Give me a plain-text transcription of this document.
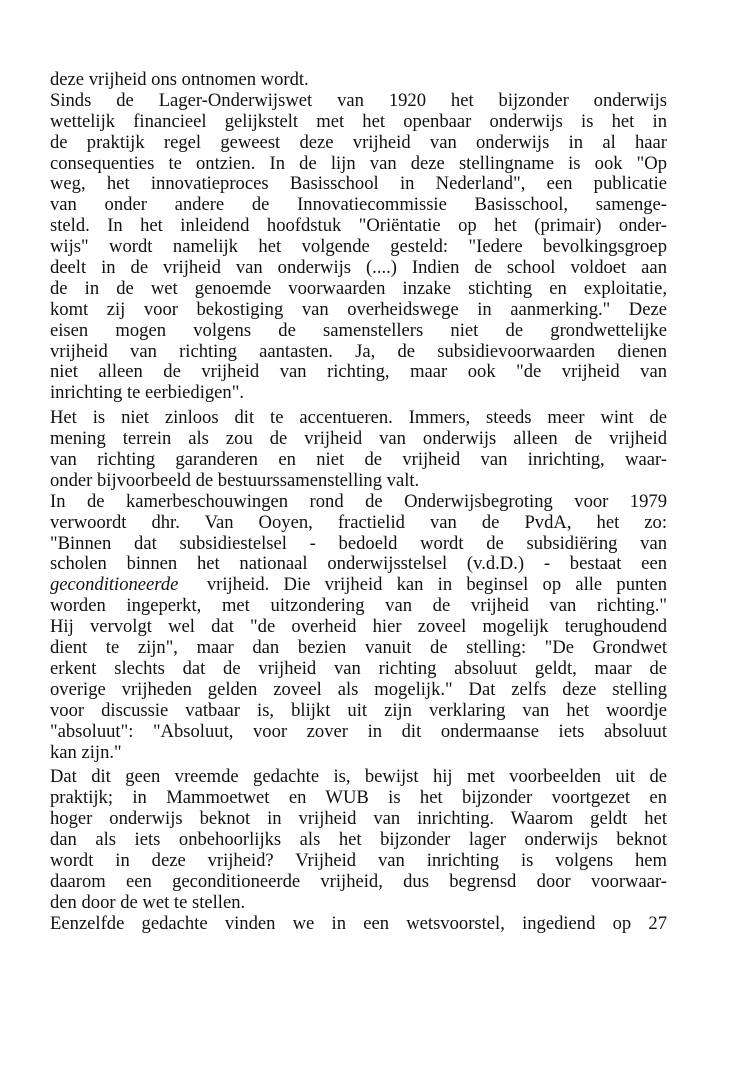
deze vrijheid ons ontnomen wordt.
Sinds de Lager-Onderwijswet van 1920 het bijzonder onderwijs
wettelijk financieel gelijkstelt met het openbaar onderwijs is het in
de praktijk regel geweest deze vrijheid van onderwijs in al haar
consequenties te ontzien. In de lijn van deze stellingname is ook "Op
weg, het innovatieproces Basisschool in Nederland", een publicatie
van onder andere de Innovatiecommissie Basisschool, samenge-
steld. In het inleidend hoofdstuk "Oriëntatie op het (primair) onder-
wijs" wordt namelijk het volgende gesteld: "Iedere bevolkingsgroep
deelt in de vrijheid van onderwijs (....) Indien de school voldoet aan
de in de wet genoemde voorwaarden inzake stichting en exploitatie,
komt zij voor bekostiging van overheidswege in aanmerking." Deze
eisen mogen volgens de samenstellers niet de grondwettelijke
vrijheid van richting aantasten. Ja, de subsidievoorwaarden dienen
niet alleen de vrijheid van richting, maar ook "de vrijheid van
inrichting te eerbiedigen".
Het is niet zinloos dit te accentueren. Immers, steeds meer wint de
mening terrein als zou de vrijheid van onderwijs alleen de vrijheid
van richting garanderen en niet de vrijheid van inrichting, waar-
onder bijvoorbeeld de bestuurssamenstelling valt.
In de kamerbeschouwingen rond de Onderwijsbegroting voor 1979
verwoordt dhr. Van Ooyen, fractielid van de PvdA, het zo:
"Binnen dat subsidiestelsel - bedoeld wordt de subsidiëring van
scholen binnen het nationaal onderwijsstelsel (v.d.D.) - bestaat een
geconditioneerde vrijheid. Die vrijheid kan in beginsel op alle punten
worden ingeperkt, met uitzondering van de vrijheid van richting."
Hij vervolgt wel dat "de overheid hier zoveel mogelijk terughoudend
dient te zijn", maar dan bezien vanuit de stelling: "De Grondwet
erkent slechts dat de vrijheid van richting absoluut geldt, maar de
overige vrijheden gelden zoveel als mogelijk." Dat zelfs deze stelling
voor discussie vatbaar is, blijkt uit zijn verklaring van het woordje
"absoluut": "Absoluut, voor zover in dit ondermaanse iets absoluut
kan zijn."
Dat dit geen vreemde gedachte is, bewijst hij met voorbeelden uit de
praktijk; in Mammoetwet en WUB is het bijzonder voortgezet en
hoger onderwijs beknot in vrijheid van inrichting. Waarom geldt het
dan als iets onbehoorlijks als het bijzonder lager onderwijs beknot
wordt in deze vrijheid? Vrijheid van inrichting is volgens hem
daarom een geconditioneerde vrijheid, dus begrensd door voorwaar-
den door de wet te stellen.
Eenzelfde gedachte vinden we in een wetsvoorstel, ingediend op 27
